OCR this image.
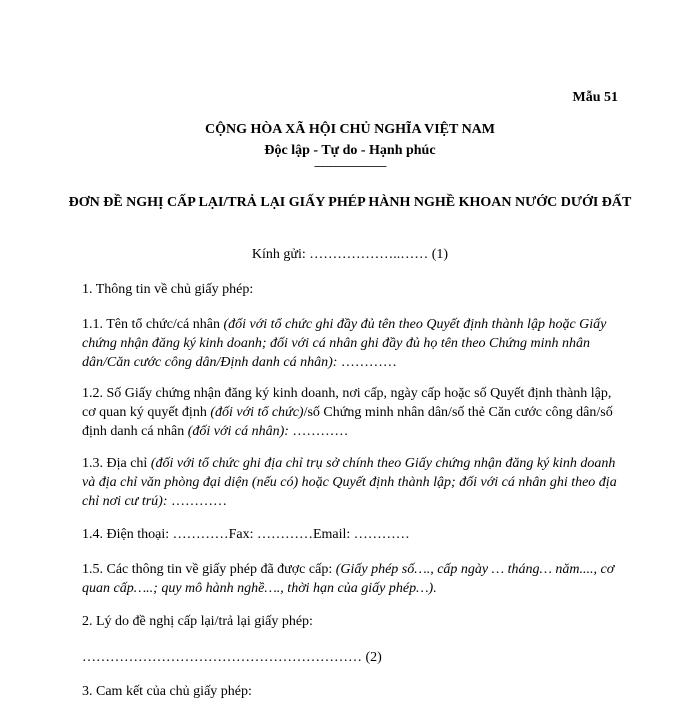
Mẫu 51
CỘNG HÒA XÃ HỘI CHỦ NGHĨA VIỆT NAM
Độc lập - Tự do - Hạnh phúc
---------------------------
ĐƠN ĐỀ NGHỊ CẤP LẠI/TRẢ LẠI GIẤY PHÉP HÀNH NGHỀ KHOAN NƯỚC DƯỚI ĐẤT
Kính gửi: ………………..…… (1)
1. Thông tin về chủ giấy phép:
1.1. Tên tổ chức/cá nhân (đối với tổ chức ghi đầy đủ tên theo Quyết định thành lập hoặc Giấy chứng nhận đăng ký kinh doanh; đối với cá nhân ghi đầy đủ họ tên theo Chứng minh nhân dân/Căn cước công dân/Định danh cá nhân): …………
1.2. Số Giấy chứng nhận đăng ký kinh doanh, nơi cấp, ngày cấp hoặc số Quyết định thành lập, cơ quan ký quyết định (đối với tổ chức)/số Chứng minh nhân dân/số thẻ Căn cước công dân/số định danh cá nhân (đối với cá nhân): …………
1.3. Địa chỉ (đối với tổ chức ghi địa chỉ trụ sở chính theo Giấy chứng nhận đăng ký kinh doanh và địa chỉ văn phòng đại diện (nếu có) hoặc Quyết định thành lập; đối với cá nhân ghi theo địa chỉ nơi cư trú): …………
1.4. Điện thoại: …………Fax: …………Email: …………
1.5. Các thông tin về giấy phép đã được cấp: (Giấy phép số…., cấp ngày … tháng… năm...., cơ quan cấp…..; quy mô hành nghề…., thời hạn của giấy phép…).
2. Lý do đề nghị cấp lại/trả lại giấy phép:
…………………………………………………… (2)
3. Cam kết của chủ giấy phép:
